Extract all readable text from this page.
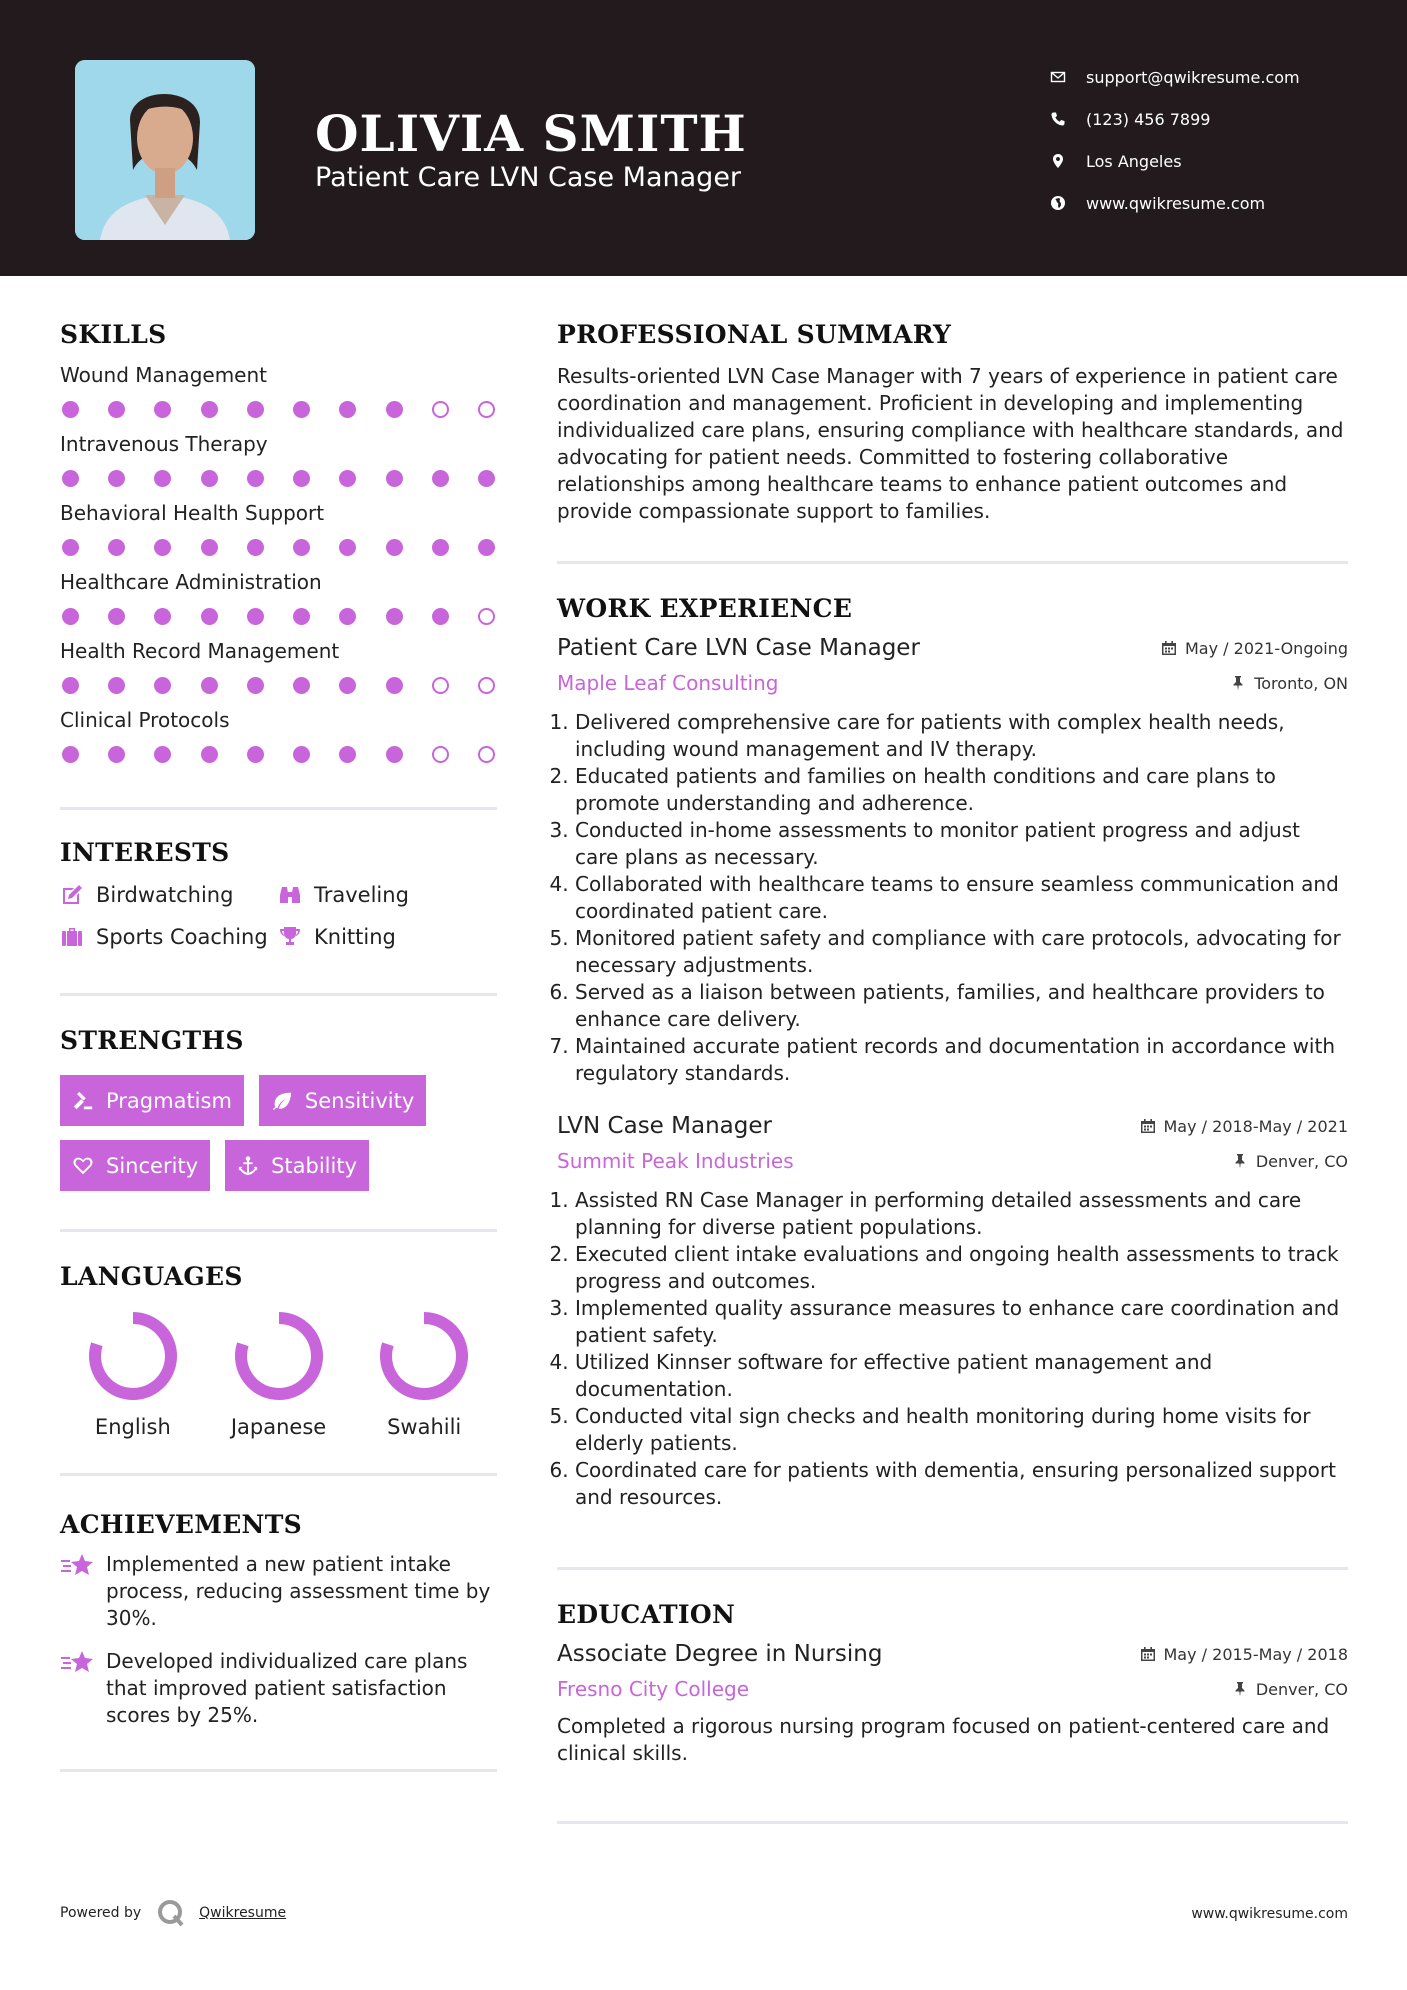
OLIVIA SMITH
Patient Care LVN Case Manager
support@qwikresume.com
(123) 456 7899
Los Angeles
www.qwikresume.com
SKILLS
Wound Management
Intravenous Therapy
Behavioral Health Support
Healthcare Administration
Health Record Management
Clinical Protocols
INTERESTS
Birdwatching	Traveling
Sports Coaching Knitting
STRENGTHS
Pragmatism	Sensitivity
Sincerity	Stability
LANGUAGES
English	Japanese	Swahili
ACHIEVEMENTS
Implemented a new patient intake process, reducing assessment time by 30%.
Developed individualized care plans that improved patient satisfaction scores by 25%.
PROFESSIONAL SUMMARY
Results-oriented LVN Case Manager with 7 years of experience in patient care coordination and management. Proficient in developing and implementing individualized care plans, ensuring compliance with healthcare standards, and advocating for patient needs. Committed to fostering collaborative relationships among healthcare teams to enhance patient outcomes and provide compassionate support to families.
WORK EXPERIENCE
Patient Care LVN Case Manager	May / 2021-Ongoing
Maple Leaf Consulting	Toronto, ON
1. Delivered comprehensive care for patients with complex health needs, including wound management and IV therapy.
2. Educated patients and families on health conditions and care plans to promote understanding and adherence.
3. Conducted in-home assessments to monitor patient progress and adjust care plans as necessary.
4. Collaborated with healthcare teams to ensure seamless communication and coordinated patient care.
5. Monitored patient safety and compliance with care protocols, advocating for necessary adjustments.
6. Served as a liaison between patients, families, and healthcare providers to enhance care delivery.
7. Maintained accurate patient records and documentation in accordance with regulatory standards.
LVN Case Manager	May / 2018-May / 2021
Summit Peak Industries	Denver, CO
1. Assisted RN Case Manager in performing detailed assessments and care planning for diverse patient populations.
2. Executed client intake evaluations and ongoing health assessments to track progress and outcomes.
3. Implemented quality assurance measures to enhance care coordination and patient safety.
4. Utilized Kinnser software for effective patient management and documentation.
5. Conducted vital sign checks and health monitoring during home visits for elderly patients.
6. Coordinated care for patients with dementia, ensuring personalized support and resources.
EDUCATION
Associate Degree in Nursing	May / 2015-May / 2018
Fresno City College	Denver, CO
Completed a rigorous nursing program focused on patient-centered care and clinical skills.
Powered by	Qwikresume	www.qwikresume.com
